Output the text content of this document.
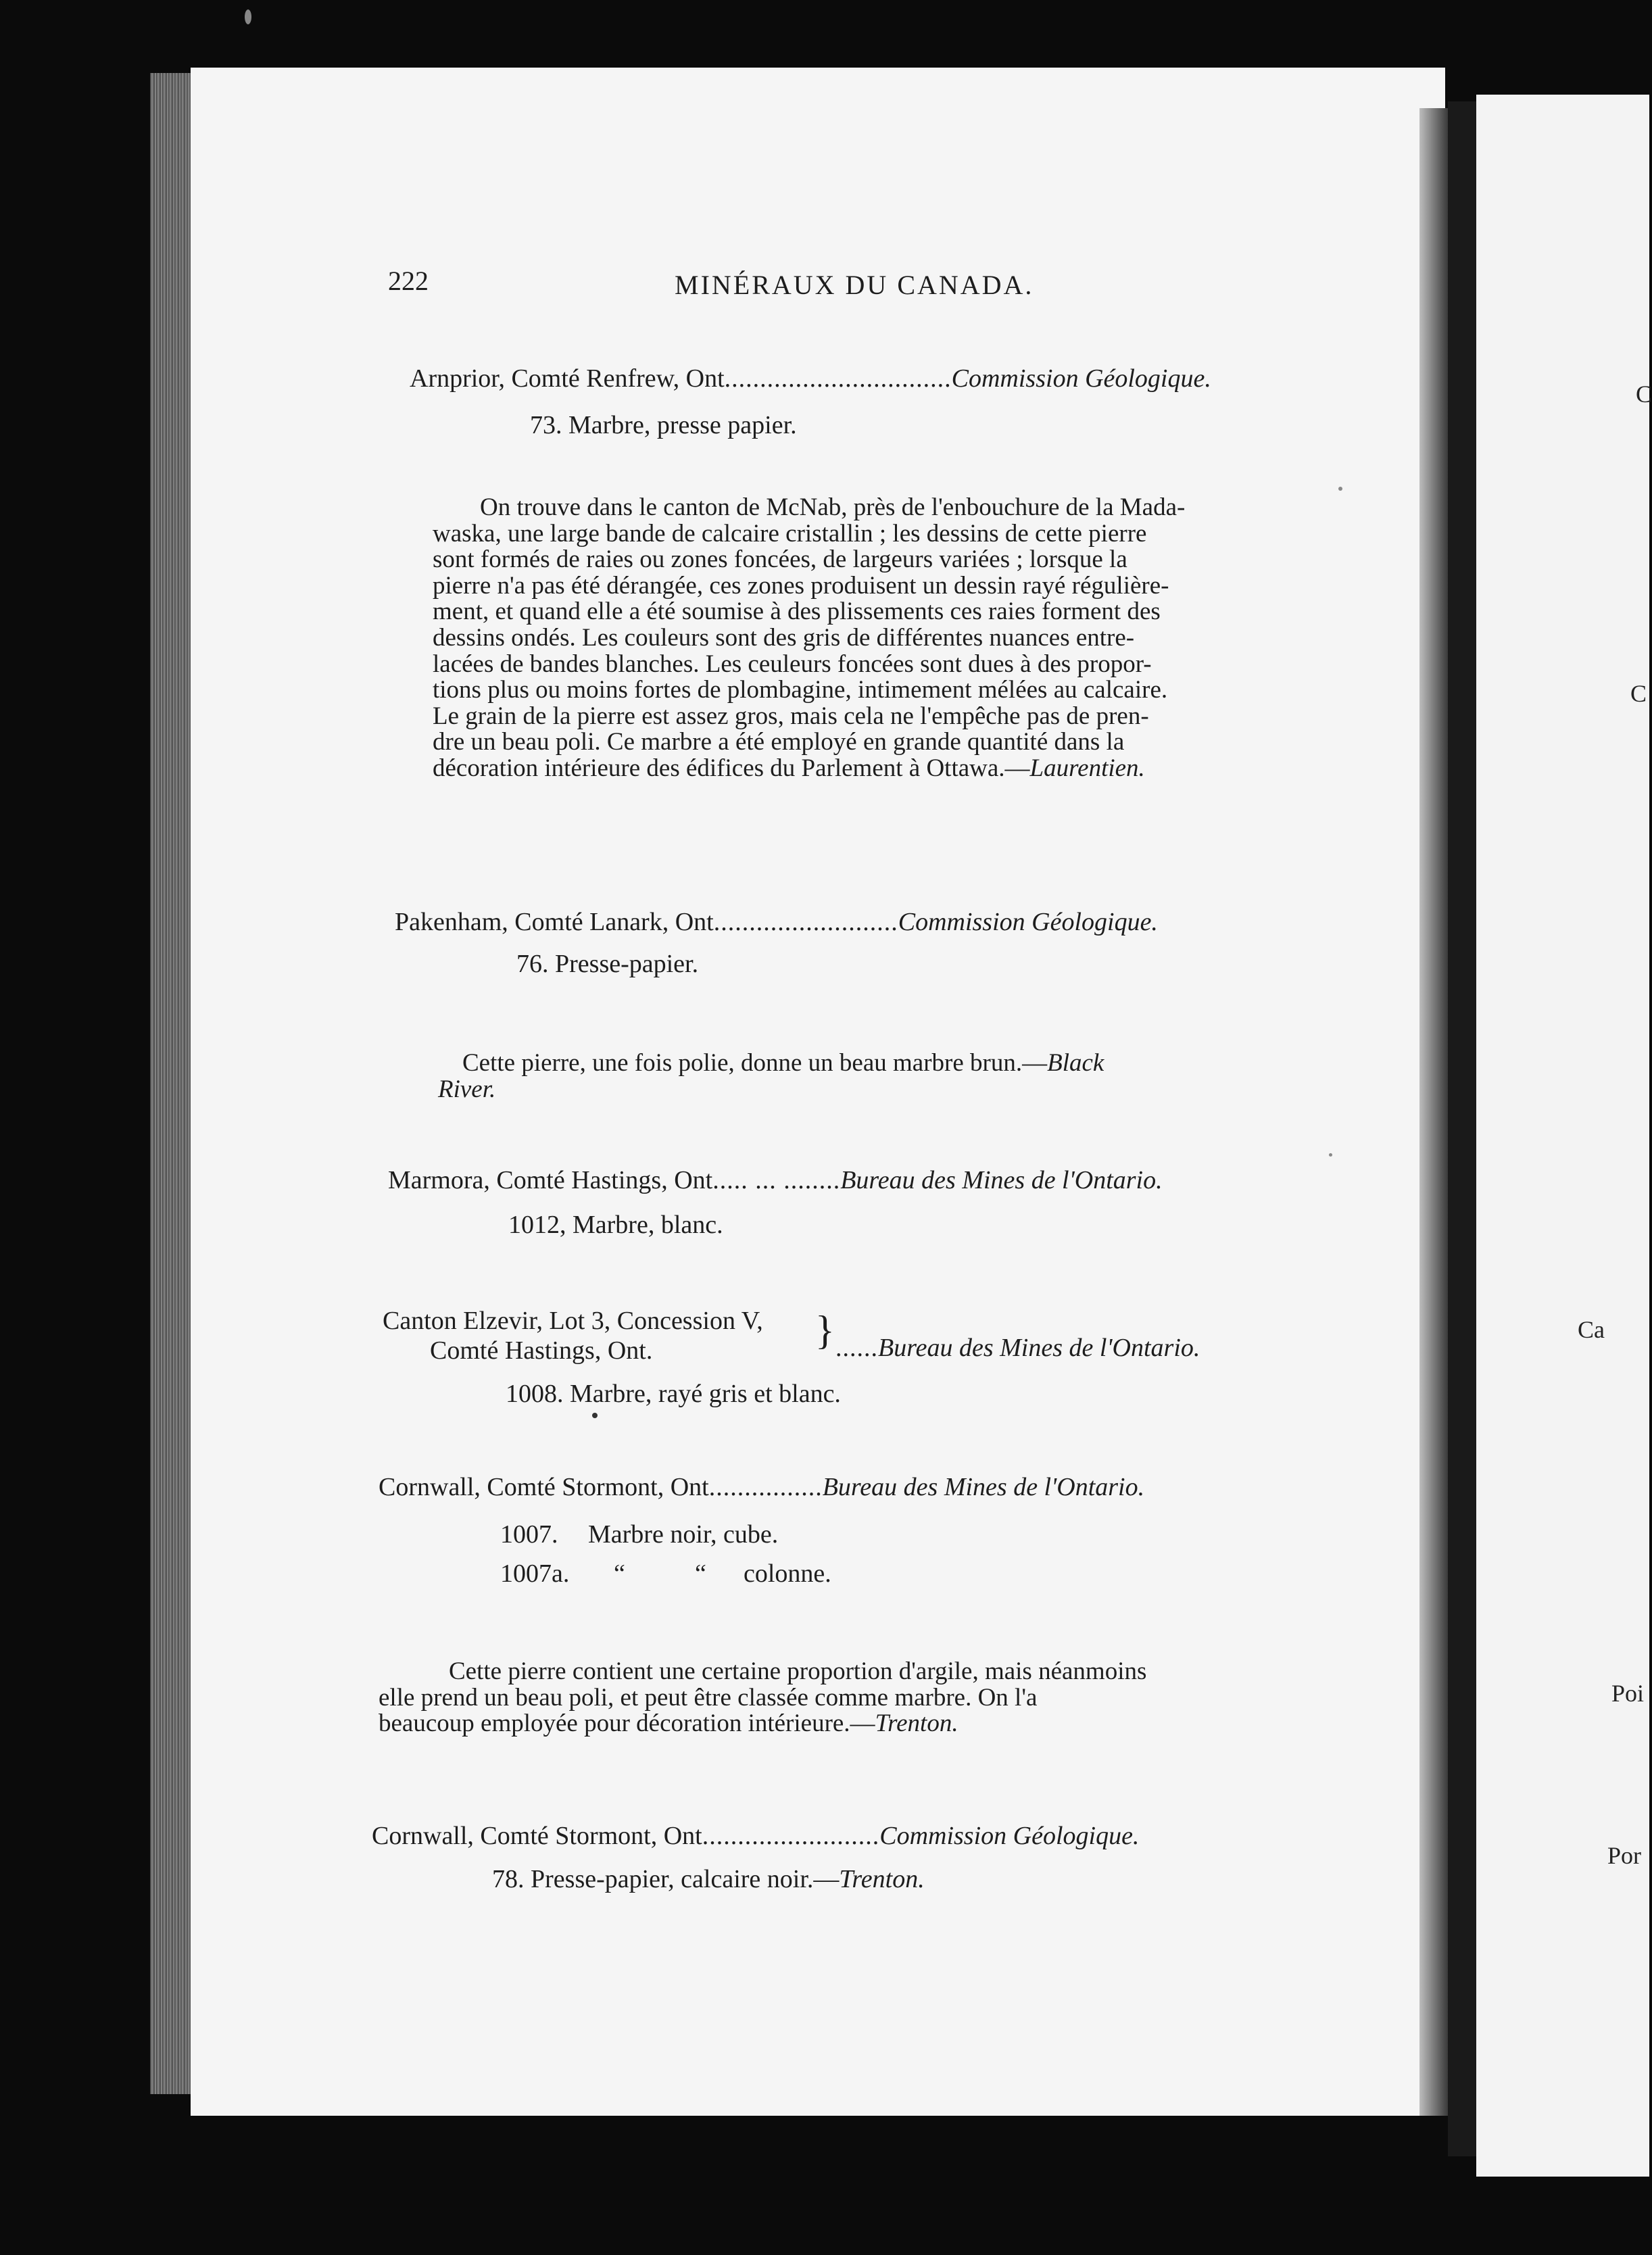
C
C
Ca
Poi
Por
222	MINÉRAUX DU CANADA.
Arnprior, Comté Renfrew, Ont................................Commission Géologique.
73. Marbre, presse papier.
On trouve dans le canton de McNab, près de l'enbouchure de la Mada-
waska, une large bande de calcaire cristallin ; les dessins de cette pierre
sont formés de raies ou zones foncées, de largeurs variées ; lorsque la
pierre n'a pas été dérangée, ces zones produisent un dessin rayé régulière-
ment, et quand elle a été soumise à des plissements ces raies forment des
dessins ondés. Les couleurs sont des gris de différentes nuances entre-
lacées de bandes blanches. Les ceuleurs foncées sont dues à des propor-
tions plus ou moins fortes de plombagine, intimement mélées au calcaire.
Le grain de la pierre est assez gros, mais cela ne l'empêche pas de pren-
dre un beau poli. Ce marbre a été employé en grande quantité dans la
décoration intérieure des édifices du Parlement à Ottawa.—Laurentien.
Pakenham, Comté Lanark, Ont..........................Commission Géologique.
76. Presse-papier.
Cette pierre, une fois polie, donne un beau marbre brun.—Black
River.
Marmora, Comté Hastings, Ont..... ... ........Bureau des Mines de l'Ontario.
1012, Marbre, blanc.
Canton Elzevir, Lot 3, Concession V,
Comté Hastings, Ont.	} ......Bureau des Mines de l'Ontario.
1008. Marbre, rayé gris et blanc.
Cornwall, Comté Stormont, Ont................Bureau des Mines de l'Ontario.
1007. Marbre noir, cube.
1007a. “	“ colonne.
Cette pierre contient une certaine proportion d'argile, mais néanmoins
elle prend un beau poli, et peut être classée comme marbre. On l'a
beaucoup employée pour décoration intérieure.—Trenton.
Cornwall, Comté Stormont, Ont.........................Commission Géologique.
78. Presse-papier, calcaire noir.—Trenton.
